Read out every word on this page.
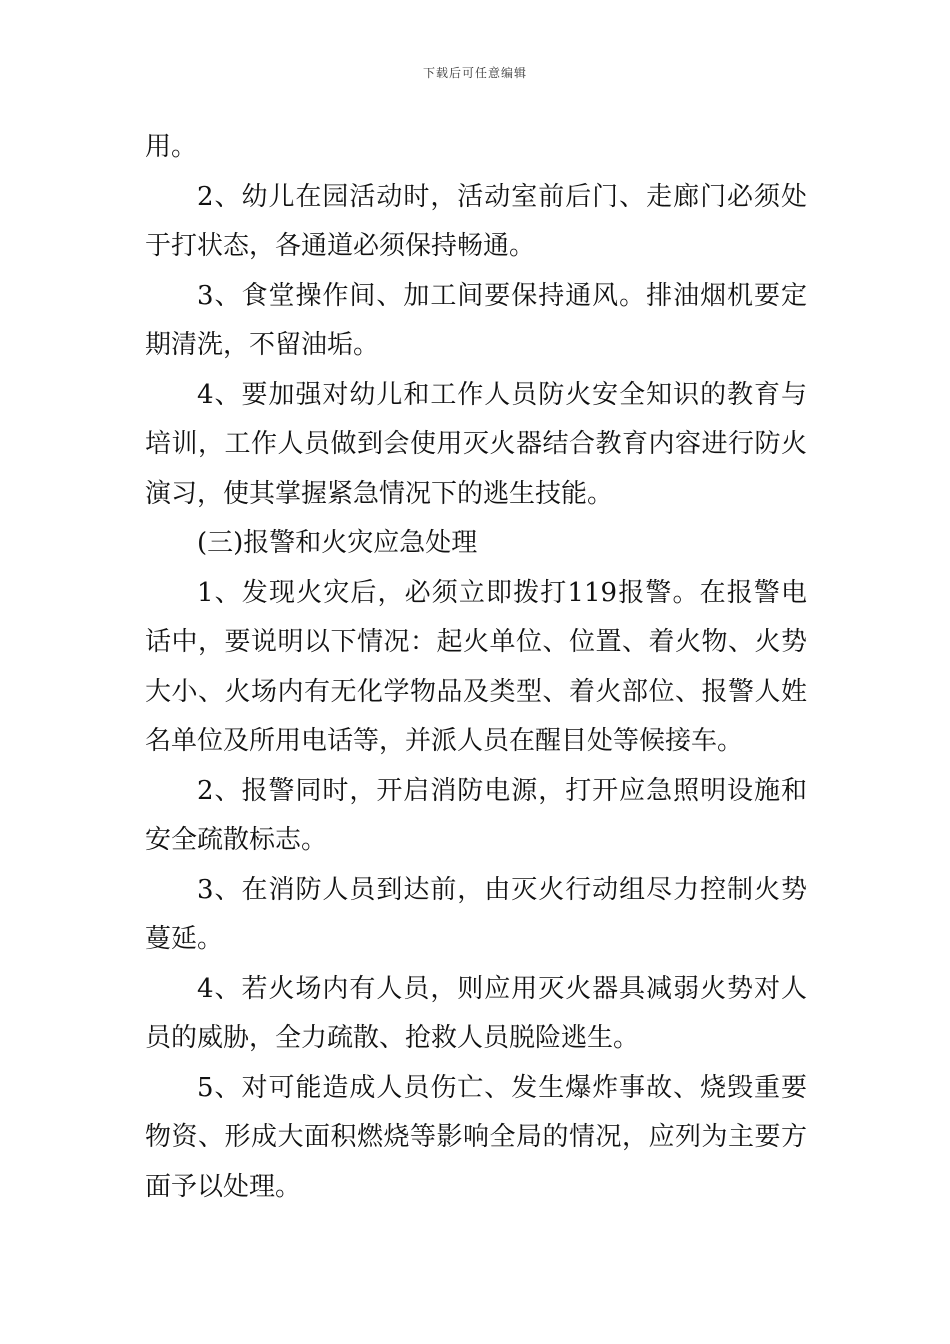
下载后可任意编辑

用。

2、幼儿在园活动时，活动室前后门、走廊门必须处于打状态，各通道必须保持畅通。

3、食堂操作间、加工间要保持通风。排油烟机要定期清洗，不留油垢。

4、要加强对幼儿和工作人员防火安全知识的教育与培训，工作人员做到会使用灭火器结合教育内容进行防火演习，使其掌握紧急情况下的逃生技能。

(三)报警和火灾应急处理

1、发现火灾后，必须立即拨打119报警。在报警电话中，要说明以下情况：起火单位、位置、着火物、火势大小、火场内有无化学物品及类型、着火部位、报警人姓名单位及所用电话等，并派人员在醒目处等候接车。

2、报警同时，开启消防电源，打开应急照明设施和安全疏散标志。

3、在消防人员到达前，由灭火行动组尽力控制火势蔓延。

4、若火场内有人员，则应用灭火器具减弱火势对人员的威胁，全力疏散、抢救人员脱险逃生。

5、对可能造成人员伤亡、发生爆炸事故、烧毁重要物资、形成大面积燃烧等影响全局的情况，应列为主要方面予以处理。
